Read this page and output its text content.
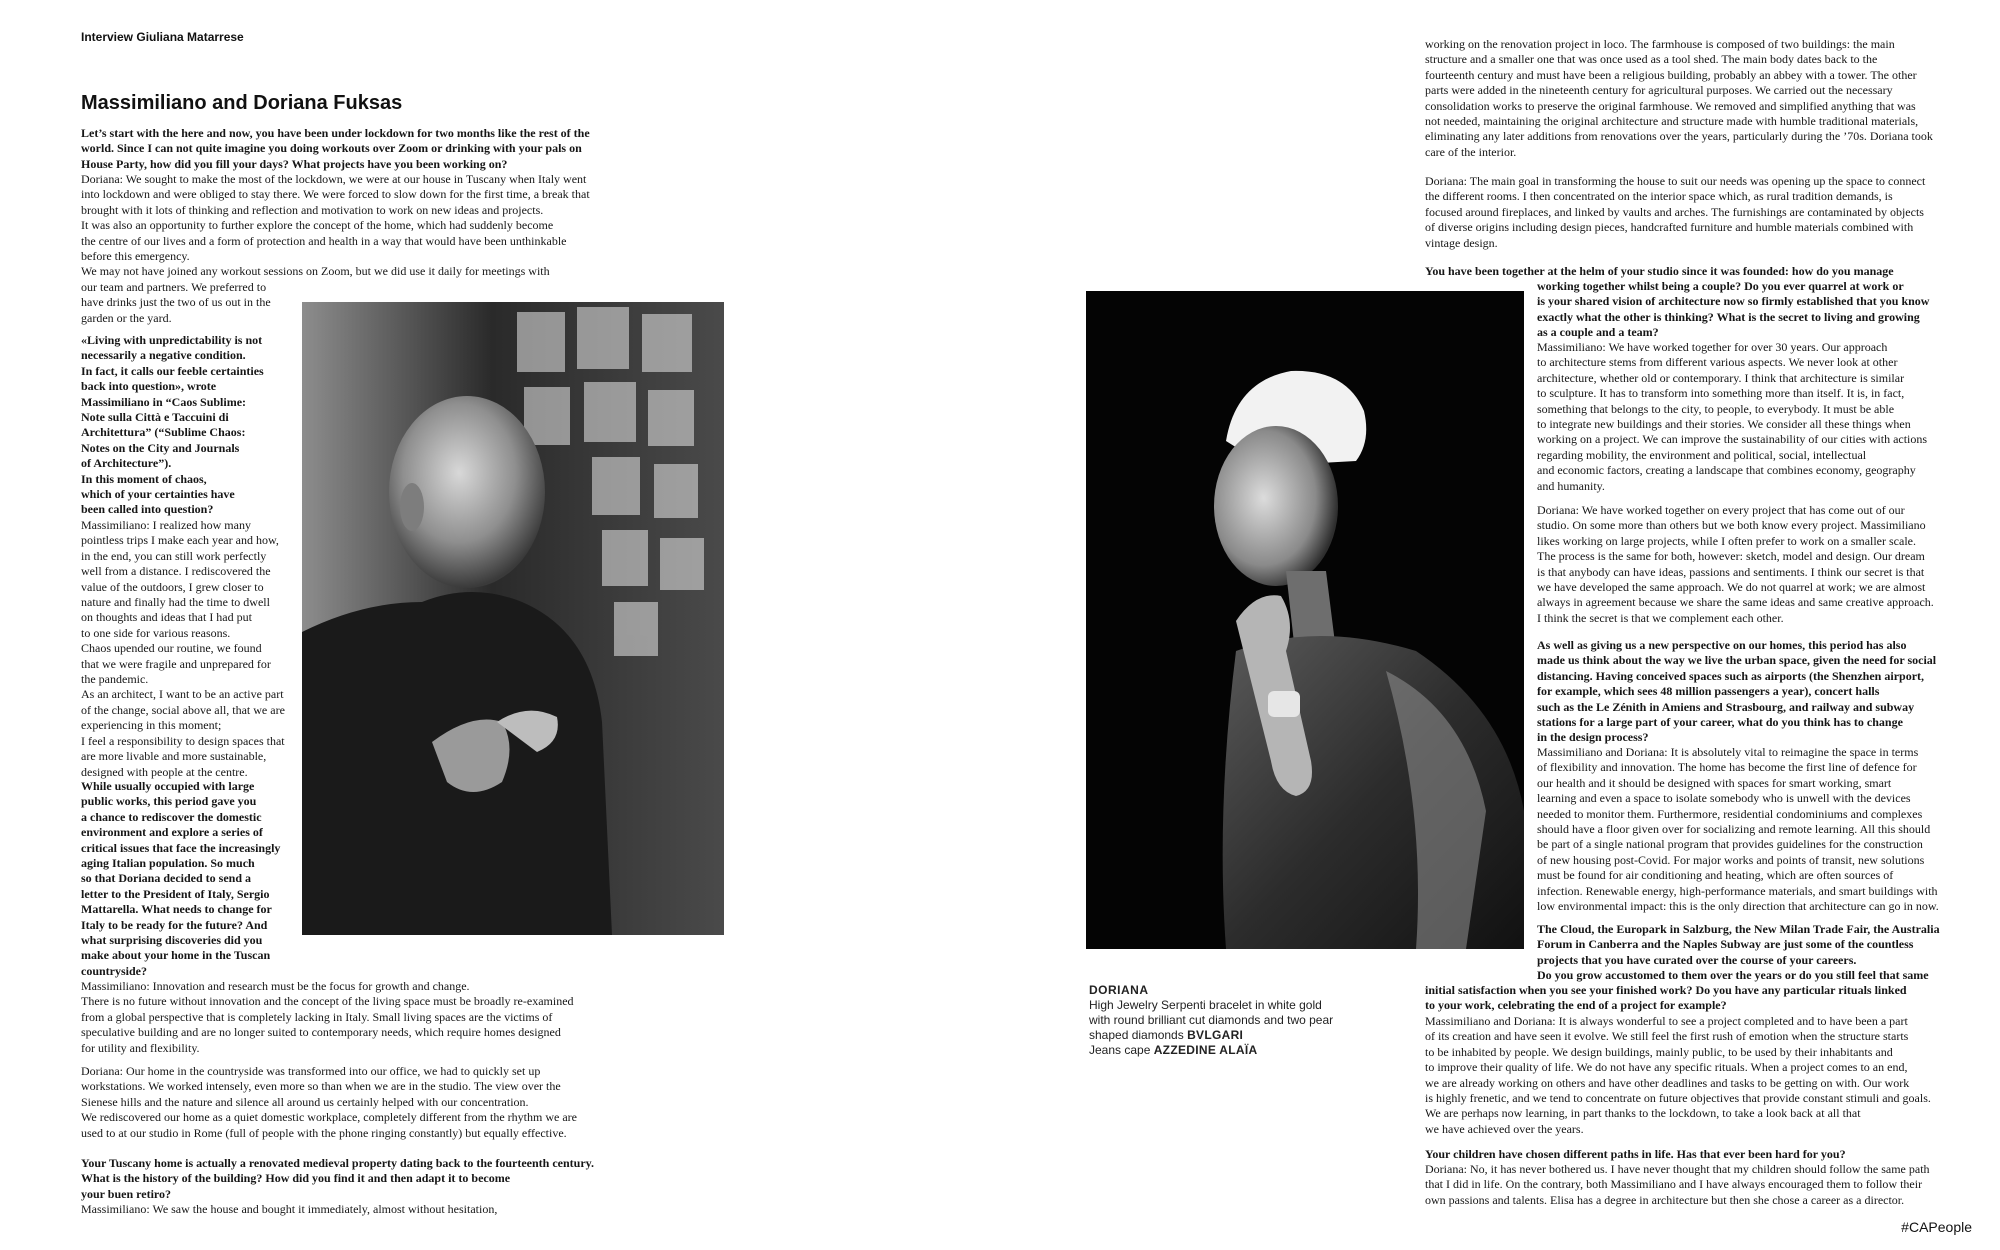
Interview Giuliana Matarrese
Massimiliano and Doriana Fuksas

Let’s start with the here and now, you have been under lockdown for two months like the rest of the
world. Since I can not quite imagine you doing workouts over Zoom or drinking with your pals on
House Party, how did you fill your days? What projects have you been working on?

Doriana: We sought to make the most of the lockdown, we were at our house in Tuscany when Italy went
into lockdown and were obliged to stay there. We were forced to slow down for the first time, a break that
brought with it lots of thinking and reflection and motivation to work on new ideas and projects.
It was also an opportunity to further explore the concept of the home, which had suddenly become
the centre of our lives and a form of protection and health in a way that would have been unthinkable
before this emergency.
We may not have joined any workout sessions on Zoom, but we did use it daily for meetings with
our team and partners. We preferred to
have drinks just the two of us out in the
garden or the yard.

«Living with unpredictability is not
necessarily a negative condition.
In fact, it calls our feeble certainties
back into question», wrote
Massimiliano in “Caos Sublime:
Note sulla Città e Taccuini di
Architettura” (“Sublime Chaos:
Notes on the City and Journals
of Architecture”).
In this moment of chaos,
which of your certainties have
been called into question?

Massimiliano: I realized how many
pointless trips I make each year and how,
in the end, you can still work perfectly
well from a distance. I rediscovered the
value of the outdoors, I grew closer to
nature and finally had the time to dwell
on thoughts and ideas that I had put
to one side for various reasons.
Chaos upended our routine, we found
that we were fragile and unprepared for
the pandemic.
As an architect, I want to be an active part
of the change, social above all, that we are
experiencing in this moment;
I feel a responsibility to design spaces that
are more livable and more sustainable,
designed with people at the centre.

While usually occupied with large
public works, this period gave you
a chance to rediscover the domestic
environment and explore a series of
critical issues that face the increasingly
aging Italian population. So much
so that Doriana decided to send a
letter to the President of Italy, Sergio
Mattarella. What needs to change for
Italy to be ready for the future? And
what surprising discoveries did you
make about your home in the Tuscan
countryside?

Massimiliano: Innovation and research must be the focus for growth and change.
There is no future without innovation and the concept of the living space must be broadly re-examined
from a global perspective that is completely lacking in Italy. Small living spaces are the victims of
speculative building and are no longer suited to contemporary needs, which require homes designed
for utility and flexibility.

Doriana: Our home in the countryside was transformed into our office, we had to quickly set up
workstations. We worked intensely, even more so than when we are in the studio. The view over the
Sienese hills and the nature and silence all around us certainly helped with our concentration.
We rediscovered our home as a quiet domestic workplace, completely different from the rhythm we are
used to at our studio in Rome (full of people with the phone ringing constantly) but equally effective.

Your Tuscany home is actually a renovated medieval property dating back to the fourteenth century.
What is the history of the building? How did you find it and then adapt it to become
your buen retiro?

Massimiliano: We saw the house and bought it immediately, almost without hesitation,

DORIANA
High Jewelry Serpenti bracelet in white gold
with round brilliant cut diamonds and two pear
shaped diamonds BVLGARI
Jeans cape AZZEDINE ALAÏA

working on the renovation project in loco. The farmhouse is composed of two buildings: the main
structure and a smaller one that was once used as a tool shed. The main body dates back to the
fourteenth century and must have been a religious building, probably an abbey with a tower. The other
parts were added in the nineteenth century for agricultural purposes. We carried out the necessary
consolidation works to preserve the original farmhouse. We removed and simplified anything that was
not needed, maintaining the original architecture and structure made with humble traditional materials,
eliminating any later additions from renovations over the years, particularly during the ’70s. Doriana took
care of the interior.

Doriana: The main goal in transforming the house to suit our needs was opening up the space to connect
the different rooms. I then concentrated on the interior space which, as rural tradition demands, is
focused around fireplaces, and linked by vaults and arches. The furnishings are contaminated by objects
of diverse origins including design pieces, handcrafted furniture and humble materials combined with
vintage design.

You have been together at the helm of your studio since it was founded: how do you manage

working together whilst being a couple? Do you ever quarrel at work or
is your shared vision of architecture now so firmly established that you know
exactly what the other is thinking? What is the secret to living and growing
as a couple and a team?

Massimiliano: We have worked together for over 30 years. Our approach
to architecture stems from different various aspects. We never look at other
architecture, whether old or contemporary. I think that architecture is similar
to sculpture. It has to transform into something more than itself. It is, in fact,
something that belongs to the city, to people, to everybody. It must be able
to integrate new buildings and their stories. We consider all these things when
working on a project. We can improve the sustainability of our cities with actions
regarding mobility, the environment and political, social, intellectual
and economic factors, creating a landscape that combines economy, geography
and humanity.

Doriana: We have worked together on every project that has come out of our
studio. On some more than others but we both know every project. Massimiliano
likes working on large projects, while I often prefer to work on a smaller scale.
The process is the same for both, however: sketch, model and design. Our dream
is that anybody can have ideas, passions and sentiments. I think our secret is that
we have developed the same approach. We do not quarrel at work; we are almost
always in agreement because we share the same ideas and same creative approach.
I think the secret is that we complement each other.

As well as giving us a new perspective on our homes, this period has also
made us think about the way we live the urban space, given the need for social
distancing. Having conceived spaces such as airports (the Shenzhen airport,
for example, which sees 48 million passengers a year), concert halls
such as the Le Zénith in Amiens and Strasbourg, and railway and subway
stations for a large part of your career, what do you think has to change
in the design process?

Massimiliano and Doriana: It is absolutely vital to reimagine the space in terms
of flexibility and innovation. The home has become the first line of defence for
our health and it should be designed with spaces for smart working, smart
learning and even a space to isolate somebody who is unwell with the devices
needed to monitor them. Furthermore, residential condominiums and complexes
should have a floor given over for socializing and remote learning. All this should
be part of a single national program that provides guidelines for the construction
of new housing post-Covid. For major works and points of transit, new solutions
must be found for air conditioning and heating, which are often sources of
infection. Renewable energy, high-performance materials, and smart buildings with
low environmental impact: this is the only direction that architecture can go in now.

The Cloud, the Europark in Salzburg, the New Milan Trade Fair, the Australia
Forum in Canberra and the Naples Subway are just some of the countless
projects that you have curated over the course of your careers.
Do you grow accustomed to them over the years or do you still feel that same

initial satisfaction when you see your finished work? Do you have any particular rituals linked
to your work, celebrating the end of a project for example?

Massimiliano and Doriana: It is always wonderful to see a project completed and to have been a part
of its creation and have seen it evolve. We still feel the first rush of emotion when the structure starts
to be inhabited by people. We design buildings, mainly public, to be used by their inhabitants and
to improve their quality of life. We do not have any specific rituals. When a project comes to an end,
we are already working on others and have other deadlines and tasks to be getting on with. Our work
is highly frenetic, and we tend to concentrate on future objectives that provide constant stimuli and goals.
We are perhaps now learning, in part thanks to the lockdown, to take a look back at all that
we have achieved over the years.

Your children have chosen different paths in life. Has that ever been hard for you?

Doriana: No, it has never bothered us. I have never thought that my children should follow the same path
that I did in life. On the contrary, both Massimiliano and I have always encouraged them to follow their
own passions and talents. Elisa has a degree in architecture but then she chose a career as a director.

#CAPeople
